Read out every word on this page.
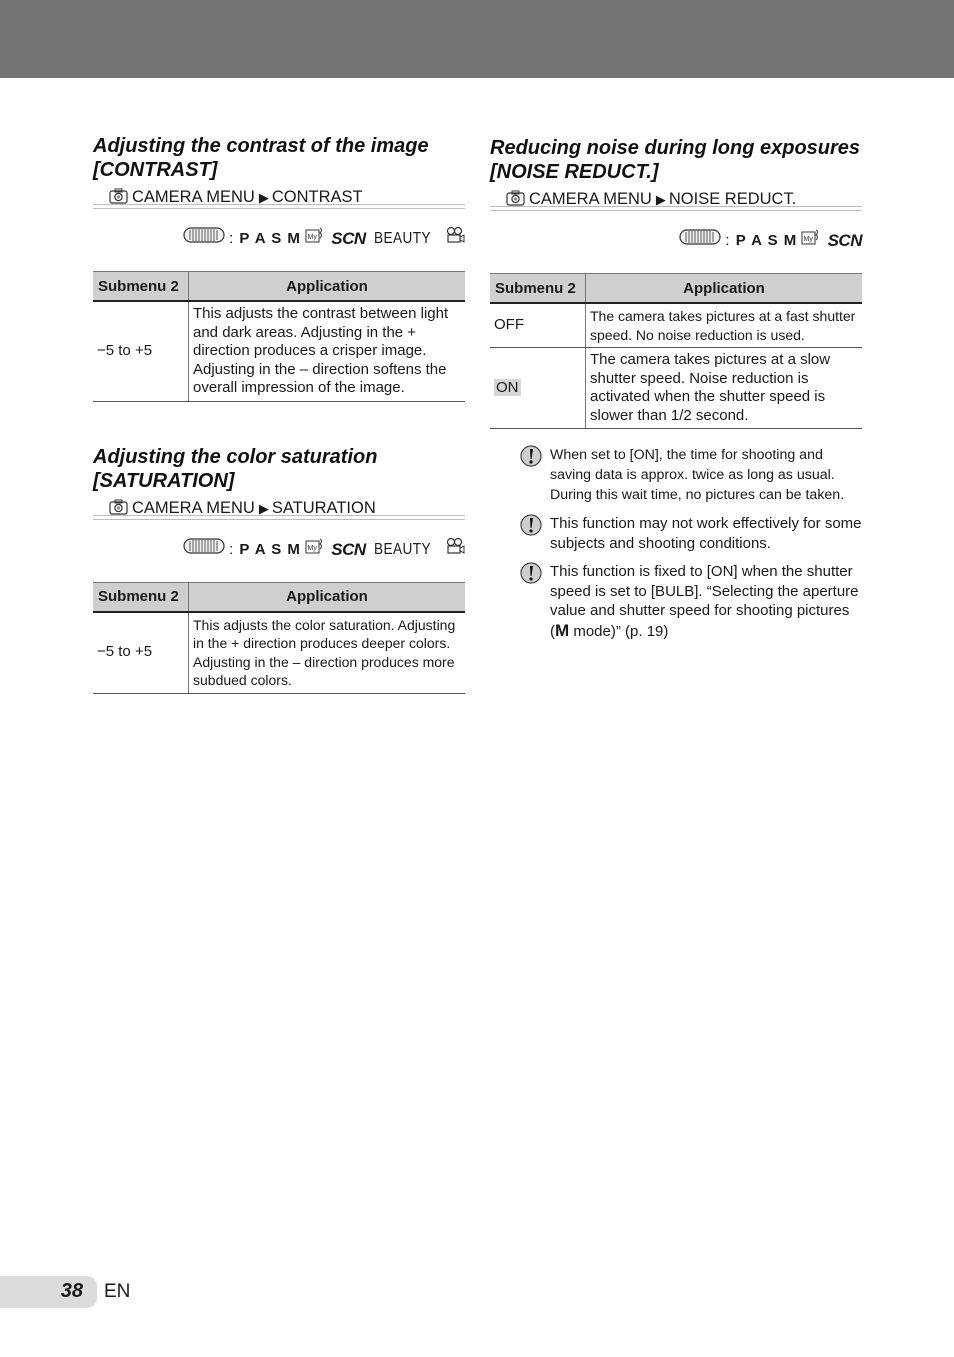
Adjusting the contrast of the image
[CONTRAST]
CAMERA MENU ▶ CONTRAST
: P A S M My SCN BEAUTY
Submenu 2	Application
−5 to +5	This adjusts the contrast between light and dark areas. Adjusting in the + direction produces a crisper image. Adjusting in the – direction softens the overall impression of the image.
Adjusting the color saturation
[SATURATION]
CAMERA MENU ▶ SATURATION
: P A S M My SCN BEAUTY
Submenu 2	Application
−5 to +5	This adjusts the color saturation. Adjusting in the + direction produces deeper colors. Adjusting in the – direction produces more subdued colors.
Reducing noise during long exposures
[NOISE REDUCT.]
CAMERA MENU ▶ NOISE REDUCT.
: P A S M My SCN
Submenu 2	Application
OFF	The camera takes pictures at a fast shutter speed. No noise reduction is used.
ON	The camera takes pictures at a slow shutter speed. Noise reduction is activated when the shutter speed is slower than 1/2 second.
When set to [ON], the time for shooting and saving data is approx. twice as long as usual. During this wait time, no pictures can be taken.
This function may not work effectively for some subjects and shooting conditions.
This function is fixed to [ON] when the shutter speed is set to [BULB]. “Selecting the aperture value and shutter speed for shooting pictures (M mode)” (p. 19)
38 EN
